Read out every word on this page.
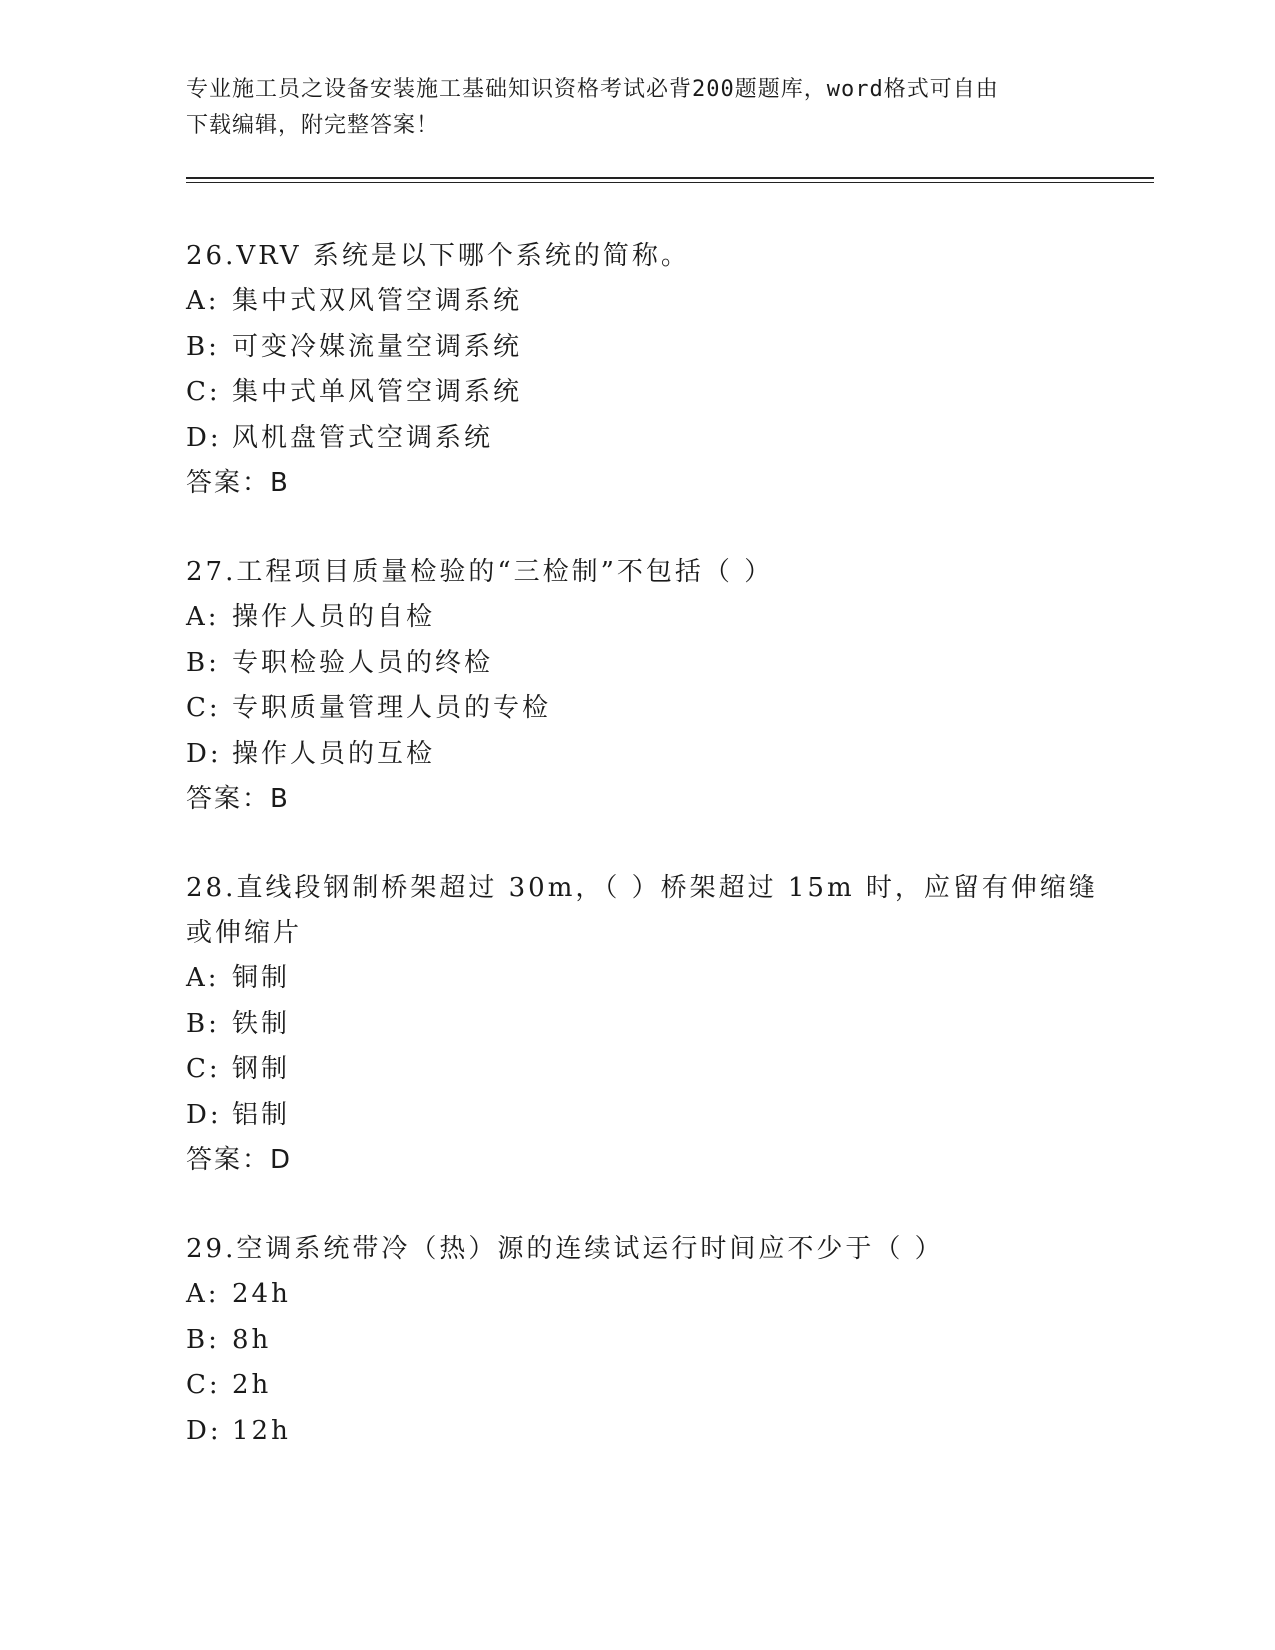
专业施工员之设备安装施工基础知识资格考试必背200题题库，word格式可自由
下载编辑，附完整答案！
26.VRV 系统是以下哪个系统的简称。
A: 集中式双风管空调系统
B: 可变冷媒流量空调系统
C: 集中式单风管空调系统
D: 风机盘管式空调系统
答案：B
27.工程项目质量检验的“三检制”不包括（ ）
A: 操作人员的自检
B: 专职检验人员的终检
C: 专职质量管理人员的专检
D: 操作人员的互检
答案：B
28.直线段钢制桥架超过 30m，（ ）桥架超过 15m 时，应留有伸缩缝或伸缩片
A: 铜制
B: 铁制
C: 钢制
D: 铝制
答案：D
29.空调系统带冷（热）源的连续试运行时间应不少于（ ）
A: 24h
B: 8h
C: 2h
D: 12h
